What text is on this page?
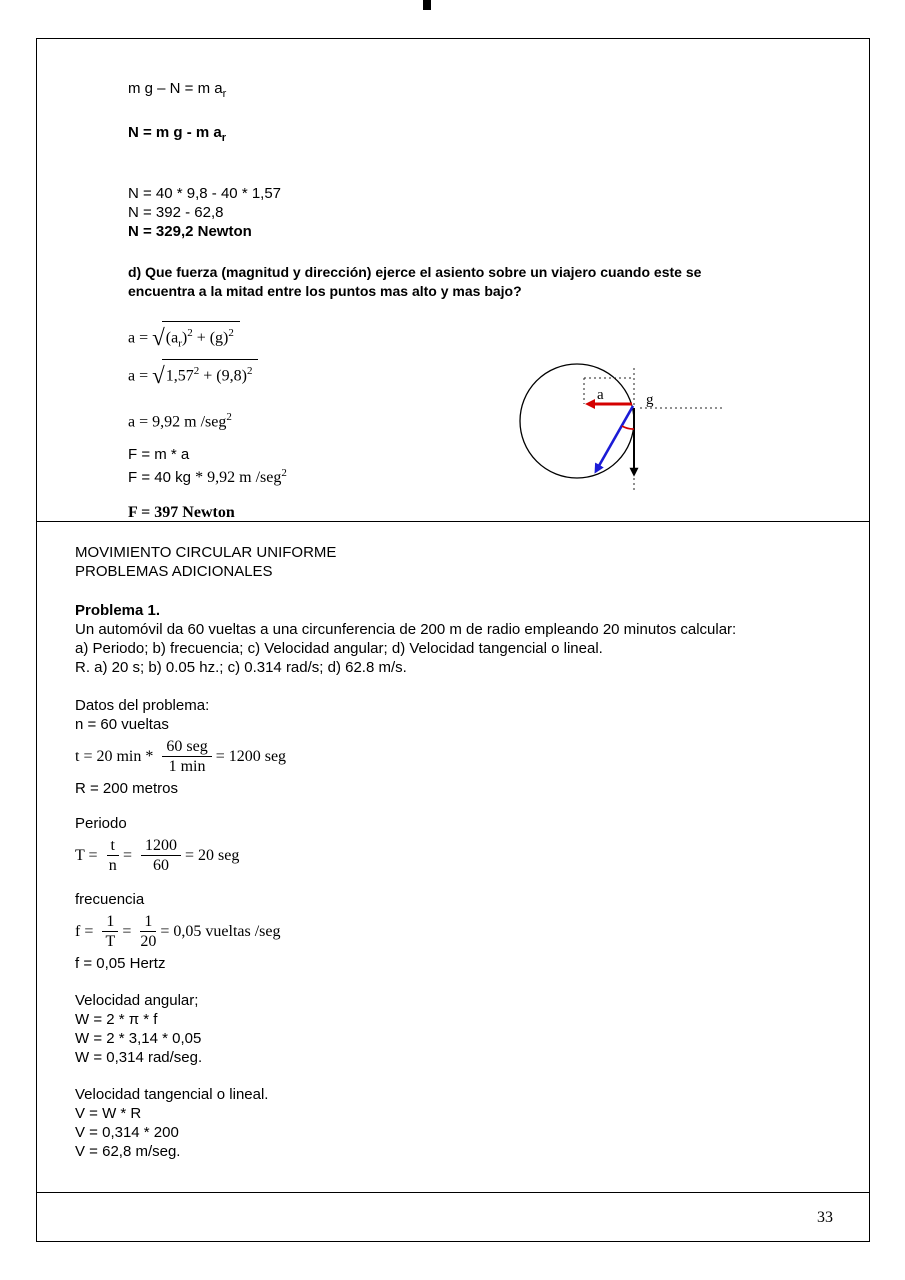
m g – N = m $a_r$
N = m g - m $a_r$
N = 40 * 9,8 - 40 * 1,57
N = 392 - 62,8
N = 329,2 Newton
d) Que fuerza (magnitud y dirección) ejerce el asiento sobre un viajero cuando este se
encuentra a la mitad entre los puntos mas alto y mas bajo?
$a = √(a_r)^2 + (g)^2$
$a = √1,57^2 + (9,8)^2$
a = 9,92 m /seg$^2$
F = m * a
F = 40 kg * 9,92 m /seg$^2$
F = 397 Newton
a	g
MOVIMIENTO CIRCULAR UNIFORME
PROBLEMAS ADICIONALES
Problema 1.
Un automóvil da 60 vueltas a una circunferencia de 200 m de radio empleando 20 minutos calcular:
a) Periodo; b) frecuencia; c) Velocidad angular; d) Velocidad tangencial o lineal.
R. a) 20 s; b) 0.05 hz.; c) 0.314 rad/s; d) 62.8 m/s.
Datos del problema:
n = 60 vueltas
t = 20 $\min * \frac{\text{60 seg}}{1 \min} = 1200$ seg
R = 200 metros
Periodo
$T = \frac{t}{n} = \frac{1200}{60} = 20$ seg
frecuencia
$f = \frac{1}{T} = \frac{1}{20} = 0,05$ vueltas /seg
f = 0,05 Hertz
Velocidad angular;
W = 2 * π * f
W = 2 * 3,14 * 0,05
W = 0,314 rad/seg.
Velocidad tangencial o lineal.
V = W * R
V = 0,314 * 200
V = 62,8 m/seg.
33
